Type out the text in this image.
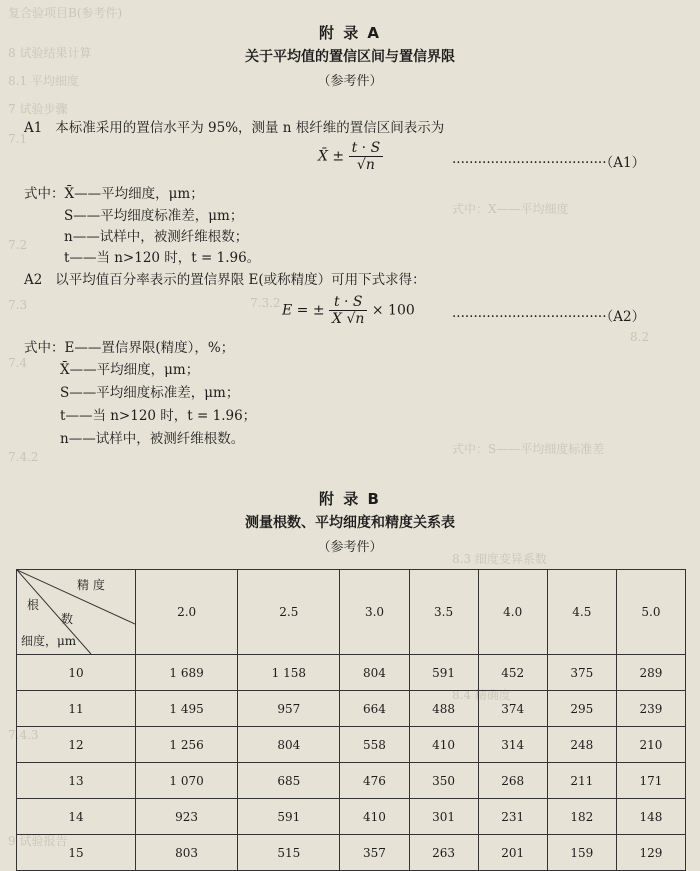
复合验项目B(参考件)
8 试验结果计算
8.1 平均细度
7 试验步骤
7.1
7.2
式中：X——平均细度
7.3	7.3.2
8.2
7.4
7.4.2
8.3 细度变异系数
式中：S——平均细度标准差
7.4.3
8.4 精确度
9 试验报告
附 录 A
关于平均值的置信区间与置信界限
（参考件）
A1 本标准采用的置信水平为 95%，测量 n 根纤维的置信区间表示为
X̄ ± $\frac{t \cdot S}{√n}$	····································（A1）
式中：X̄——平均细度，μm；
S——平均细度标准差，μm；
n——试样中，被测纤维根数；
t——当 n>120 时，t = 1.96。
A2 以平均值百分率表示的置信界限 E(或称精度）可用下式求得：
E = ± $\frac{t \cdot S}{X̄ √n} \times 100$	····································（A2）
式中：E——置信界限(精度），%；
X̄——平均细度，μm；
S——平均细度标准差，μm；
t——当 n>120 时，t = 1.96；
n——试样中，被测纤维根数。
附 录 B
测量根数、平均细度和精度关系表
（参考件）
精 度
根
数
细度，μm	2.0	2.5	3.0	3.5	4.0	4.5	5.0
10	1 689	1 158	804	591	452	375	289
11	1 495	957	664	488	374	295	239
12	1 256	804	558	410	314	248	210
13	1 070	685	476	350	268	211	171
14	923	591	410	301	231	182	148
15	803	515	357	263	201	159	129
